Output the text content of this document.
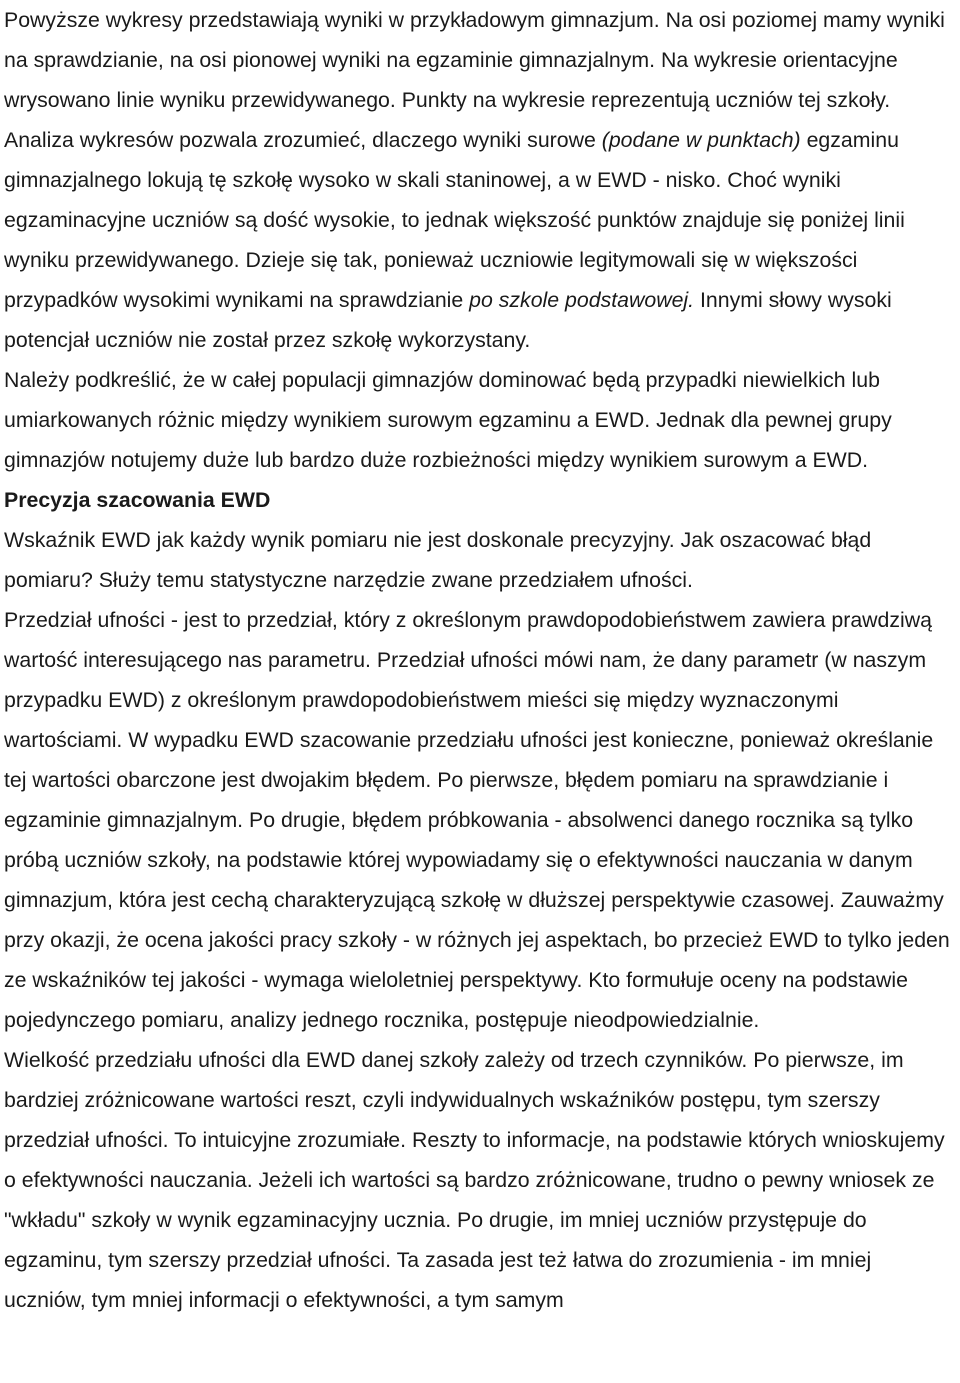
Powyższe wykresy przedstawiają wyniki w przykładowym gimnazjum. Na osi poziomej mamy wyniki na sprawdzianie, na osi pionowej wyniki na egzaminie gimnazjalnym. Na wykresie orientacyjne wrysowano linie wyniku przewidywanego. Punkty na wykresie reprezentują uczniów tej szkoły. Analiza wykresów pozwala zrozumieć, dlaczego wyniki surowe (podane w punktach) egzaminu gimnazjalnego lokują tę szkołę wysoko w skali staninowej, a w EWD - nisko. Choć wyniki egzaminacyjne uczniów są dość wysokie, to jednak większość punktów znajduje się poniżej linii wyniku przewidywanego. Dzieje się tak, ponieważ uczniowie legitymowali się w większości przypadków wysokimi wynikami na sprawdzianie po szkole podstawowej. Innymi słowy wysoki potencjał uczniów nie został przez szkołę wykorzystany.

Należy podkreślić, że w całej populacji gimnazjów dominować będą przypadki niewielkich lub umiarkowanych różnic między wynikiem surowym egzaminu a EWD. Jednak dla pewnej grupy gimnazjów notujemy duże lub bardzo duże rozbieżności między wynikiem surowym a EWD.

Precyzja szacowania EWD

Wskaźnik EWD jak każdy wynik pomiaru nie jest doskonale precyzyjny. Jak oszacować błąd pomiaru? Służy temu statystyczne narzędzie zwane przedziałem ufności.

Przedział ufności - jest to przedział, który z określonym prawdopodobieństwem zawiera prawdziwą wartość interesującego nas parametru. Przedział ufności mówi nam, że dany parametr (w naszym przypadku EWD) z określonym prawdopodobieństwem mieści się między wyznaczonymi wartościami. W wypadku EWD szacowanie przedziału ufności jest konieczne, ponieważ określanie tej wartości obarczone jest dwojakim błędem. Po pierwsze, błędem pomiaru na sprawdzianie i egzaminie gimnazjalnym. Po drugie, błędem próbkowania - absolwenci danego rocznika są tylko próbą uczniów szkoły, na podstawie której wypowiadamy się o efektywności nauczania w danym gimnazjum, która jest cechą charakteryzującą szkołę w dłuższej perspektywie czasowej. Zauważmy przy okazji, że ocena jakości pracy szkoły - w różnych jej aspektach, bo przecież EWD to tylko jeden ze wskaźników tej jakości - wymaga wieloletniej perspektywy. Kto formułuje oceny na podstawie pojedynczego pomiaru, analizy jednego rocznika, postępuje nieodpowiedzialnie.

Wielkość przedziału ufności dla EWD danej szkoły zależy od trzech czynników. Po pierwsze, im bardziej zróżnicowane wartości reszt, czyli indywidualnych wskaźników postępu, tym szerszy przedział ufności. To intuicyjne zrozumiałe. Reszty to informacje, na podstawie których wnioskujemy o efektywności nauczania. Jeżeli ich wartości są bardzo zróżnicowane, trudno o pewny wniosek ze "wkładu" szkoły w wynik egzaminacyjny ucznia. Po drugie, im mniej uczniów przystępuje do egzaminu, tym szerszy przedział ufności. Ta zasada jest też łatwa do zrozumienia - im mniej uczniów, tym mniej informacji o efektywności, a tym samym
